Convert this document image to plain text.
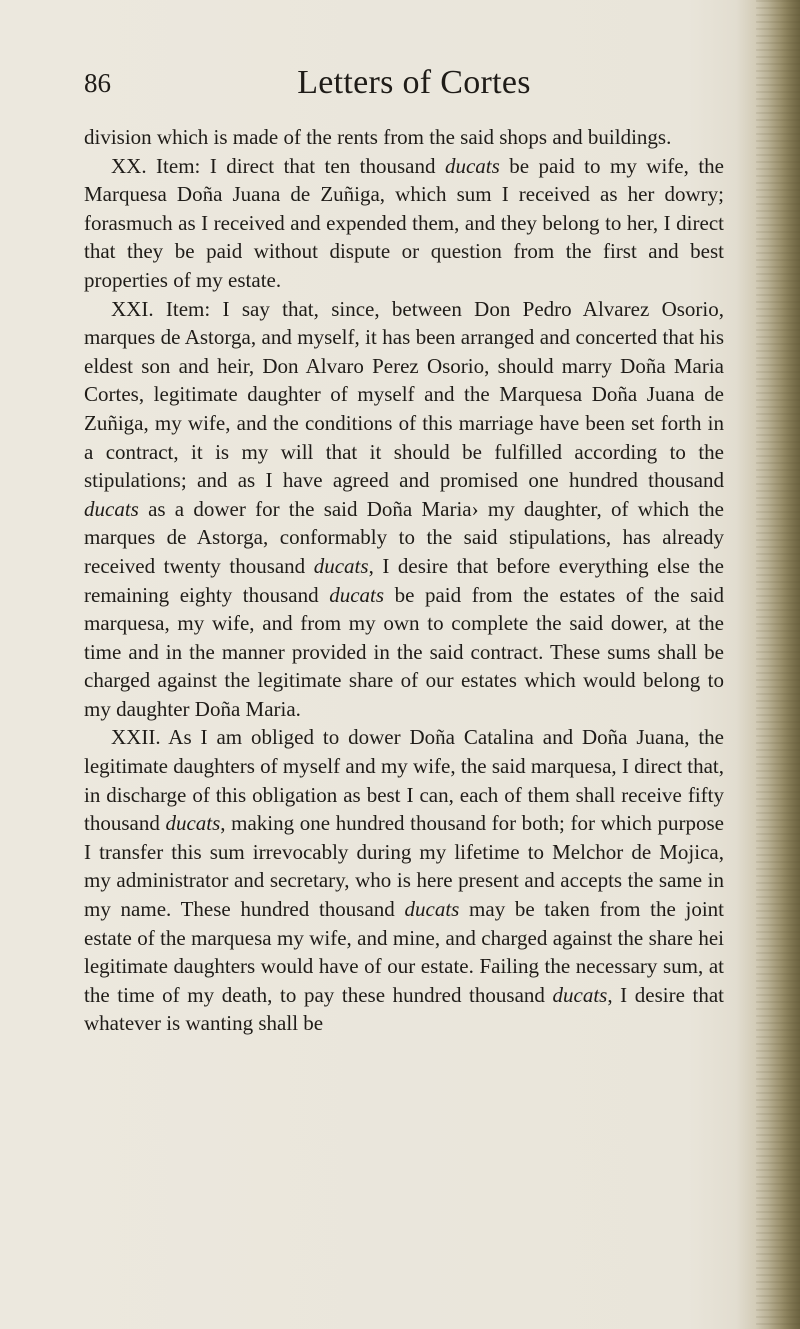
86	Letters of Cortes

division which is made of the rents from the said shops and buildings.

XX. Item: I direct that ten thousand ducats be paid to my wife, the Marquesa Doña Juana de Zuñiga, which sum I received as her dowry; forasmuch as I received and expended them, and they belong to her, I direct that they be paid without dispute or question from the first and best properties of my estate.

XXI. Item: I say that, since, between Don Pedro Alvarez Osorio, marques de Astorga, and myself, it has been arranged and concerted that his eldest son and heir, Don Alvaro Perez Osorio, should marry Doña Maria Cortes, legitimate daughter of myself and the Marquesa Doña Juana de Zuñiga, my wife, and the conditions of this marriage have been set forth in a contract, it is my will that it should be fulfilled according to the stipulations; and as I have agreed and promised one hundred thousand ducats as a dower for the said Doña Maria› my daughter, of which the marques de Astorga, conformably to the said stipulations, has already received twenty thousand ducats, I desire that before everything else the remaining eighty thousand ducats be paid from the estates of the said marquesa, my wife, and from my own to complete the said dower, at the time and in the manner provided in the said contract. These sums shall be charged against the legitimate share of our estates which would belong to my daughter Doña Maria.

XXII. As I am obliged to dower Doña Catalina and Doña Juana, the legitimate daughters of myself and my wife, the said marquesa, I direct that, in discharge of this obligation as best I can, each of them shall receive fifty thousand ducats, making one hundred thousand for both; for which purpose I transfer this sum irrevocably during my lifetime to Melchor de Mojica, my administrator and secretary, who is here present and accepts the same in my name. These hundred thousand ducats may be taken from the joint estate of the marquesa my wife, and mine, and charged against the share hei legitimate daughters would have of our estate. Failing the necessary sum, at the time of my death, to pay these hundred thousand ducats, I desire that whatever is wanting shall be
